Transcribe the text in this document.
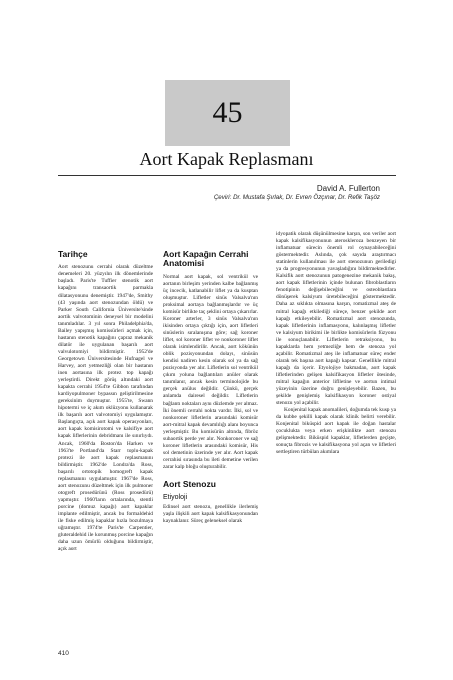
45
Aort Kapak Replasmanı
David A. Fullerton
Çeviri: Dr. Mustafa Şırlak, Dr. Evren Özçınar, Dr. Refik Taşöz
Tarihçe

Aort stenozunu cerrahi olarak düzeltme denemeleri 20. yüzyılın ilk dönemlerinde başladı. Paris'te Tuffier stenotik aort kapağını transaortik parmakla dilatasyonunu denemiştir. 1947'de, Smithy (43 yaşında aort stenozundan öldü) ve Parker South California Üniversite'sinde aortik valvotominin deneysel bir modelini tanımladılar. 3 yıl sonra Philadelphia'da, Bailey yapışmış komissürleri açmak için, hastanın stenotik kapağını çapraz mekanik dilatör ile uygulanan başarılı aort valvulotomiyi bildirmiştir. 1952'de Georgetown Üniversitesinde Hufnagel ve Harvey, aort yetmezliği olan bir hastanın inen aortasına ilk protez top kapağı yerleştirdi. Direkt görüş altındaki aort kapakta cerrahi 1954'te Gibbon tarafından kardiyopulmoner bypassın geliştirilmesine gereksinim duymuştur. 1955'te, Swann hipotermi ve iç akım oklüzyonu kullanarak ilk başarılı aort valvotomiyi uygulamıştır. Başlangıçta, açık aort kapak operasyonları, aort kapak komisirotomi ve kalsifiye aort kapak liflerlerinin debridmanı ile sınırlıydı. Ancak, 1960'da Boston'da Harken ve 1963'te Portland'da Starr toplu-kapak protezi ile aort kapak replasmanını bildirmiştir. 1962'de Londra'da Ross, başarılı ortotopik homogreft kapak replasmanını uygulamıştır. 1967'de Ross, aort stenozunu düzeltmek için ilk pulmoner otogreft prosedürünü (Ross prosedürü) yapmıştır. 1960'ların ortalarında, stentli porcine (domuz kapağı) aort kapaklar implante edilmiştir, ancak bu formaldehid ile fiske edilmiş kapaklar hızla bozulmaya uğramıştır. 1974'te Paris'te Carpentier, gluteraldehid ile korunmuş porcine kapağın daha uzun ömürlü olduğunu bildirmiştir, açık aort

Aort Kapağın Cerrahi Anatomisi

Normal aort kapak, sol ventrikül ve aortanın birleşim yerinden kalbe bağlanmış üç incecik, katlanabilir liflet ya da kusptan oluşmuştur. Lifletler sinüs Valsalva'nın proksimal aortaya bağlanmışlardır ve üç komisür birlikte taç şeklini ortaya çıkarırlar. Koroner arterler, 3 sinüs Valsalva'nın ikisinden ortaya çıktığı için, aort lifletleri sinüslerin sıralanışına göre; sağ koroner liflet, sol koroner liflet ve nonkoroner liflet olarak isimlendirilir. Ancak, aort kökünün oblik pozisyonundan dolayı, sinüsün kendisi nadiren kesin olarak sol ya da sağ pozisyonda yer alır. Lifletlerin sol ventrikül çıkım yoluna bağlantıları anüler olarak tanımlanır, ancak kesin terminolojide bu gerçek anülus değildir. Çünkü, gerçek anlamda dairesel değildir. Lifletlerin bağlantı noktaları aynı düzlemde yer almaz. İki önemli cerrahi nokta vardır. İlki, sol ve nonkoroner lifletlerin arasındaki komisür aort-mitral kapak devamlılığı alanı boyunca yerleşmiştir. Bu komisürün altında, fibröz subaortik perde yer alır. Nonkoroner ve sağ koroner lifletlerin arasındaki komisür, His sol demetinin üzerinde yer alır. Aort kapak cerrahisi sırasında bu ileti demetine verilen zarar kalp bloğu oluşturabilir.

Aort Stenozu
Etiyoloji

Edinsel aort stenozu, genellikle ilerlemiş yaşla ilişkili aort kapak kalsifikasyonundan kaynaklanır. Süreç geleneksel olarak

idyopatik olarak düşünülmesine karşın, son veriler aort kapak kalsifikasyonunun ateroskleroza benzeyen bir inflamatuar sürecin önemli rol oynayabileceğini göstermektedir. Aslında, çok sayıda araştırmacı statinlerin kullanılması ile aort stenozunun geriledigi ya da progresyonunun yavaşladığını bildirmektedirler. Kalsifik aort stenozunun patogenezine mekanik bakış, aort kapak lifletlerinin içinde bulunan fibroblastların fenotipinin değişebileceğini ve osteoblastlara dönüşerek kalsiyum üretebileceğini göstermektedir. Daha az sıklıkta olmasına karşın, romatizmal ateş de mitral kapağı etkilediği süreçe, benzer şekilde aort kapağı etkileyebilir. Romatizmal aort stenozunda, kapak lifletlerinin inflamasyonu, kalınlaşmış lifletler ve kalsiyum birikimi ile birlikte komisürlerin füzyonu ile sonuçlanabilir. Lifletlerin retraksiyonu, bu kapaklarda hem yetmezliğe hem de stenoza yol açabilir. Romatizmal ateş ile inflamatuar süreç ender olarak tek başına aort kapağı kapsar. Genellikle mitral kapağı da içerir. Etyolojiye bakmadan, aort kapak lifletlerinden gelişen kalsifikasyon lifletler ötesinde, mitral kapağın anterior liflletine ve aortun intimal yüzeyinin üzerine doğru genişleyebilir. Bazen, bu şekilde genişlemiş kalsifikasyon koroner ostiyal stenozu yol açabilir.

Konjenital kapak anomalileri, doğumda tek kusp ya da kubbe şekilli kapak olarak klinik belirti verebilir. Konjenital biküspid aort kapak ile doğan hastalar çocuklukta veya erken erişkinlikte aort stenozu gelişmektedir. Biküspid kapaklar, lifletlerden geçişte, sonuçta fibrozis ve kalsifikasyona yol açan ve lifletleri sertleştiren türbülan akımlara

410
